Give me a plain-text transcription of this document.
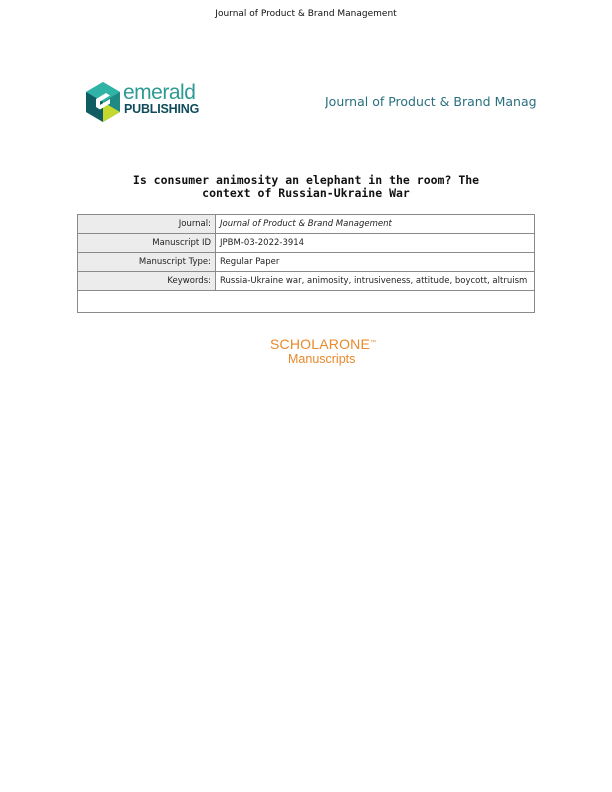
Journal of Product & Brand Management
emerald
PUBLISHING	Journal of Product & Brand Manag
Is consumer animosity an elephant in the room? The
context of Russian-Ukraine War
Journal:	Journal of Product & Brand Management
Manuscript ID	JPBM-03-2022-3914
Manuscript Type:	Regular Paper
Keywords:	Russia-Ukraine war, animosity, intrusiveness, attitude, boycott, altruism

SCHOLARONE™
Manuscripts
